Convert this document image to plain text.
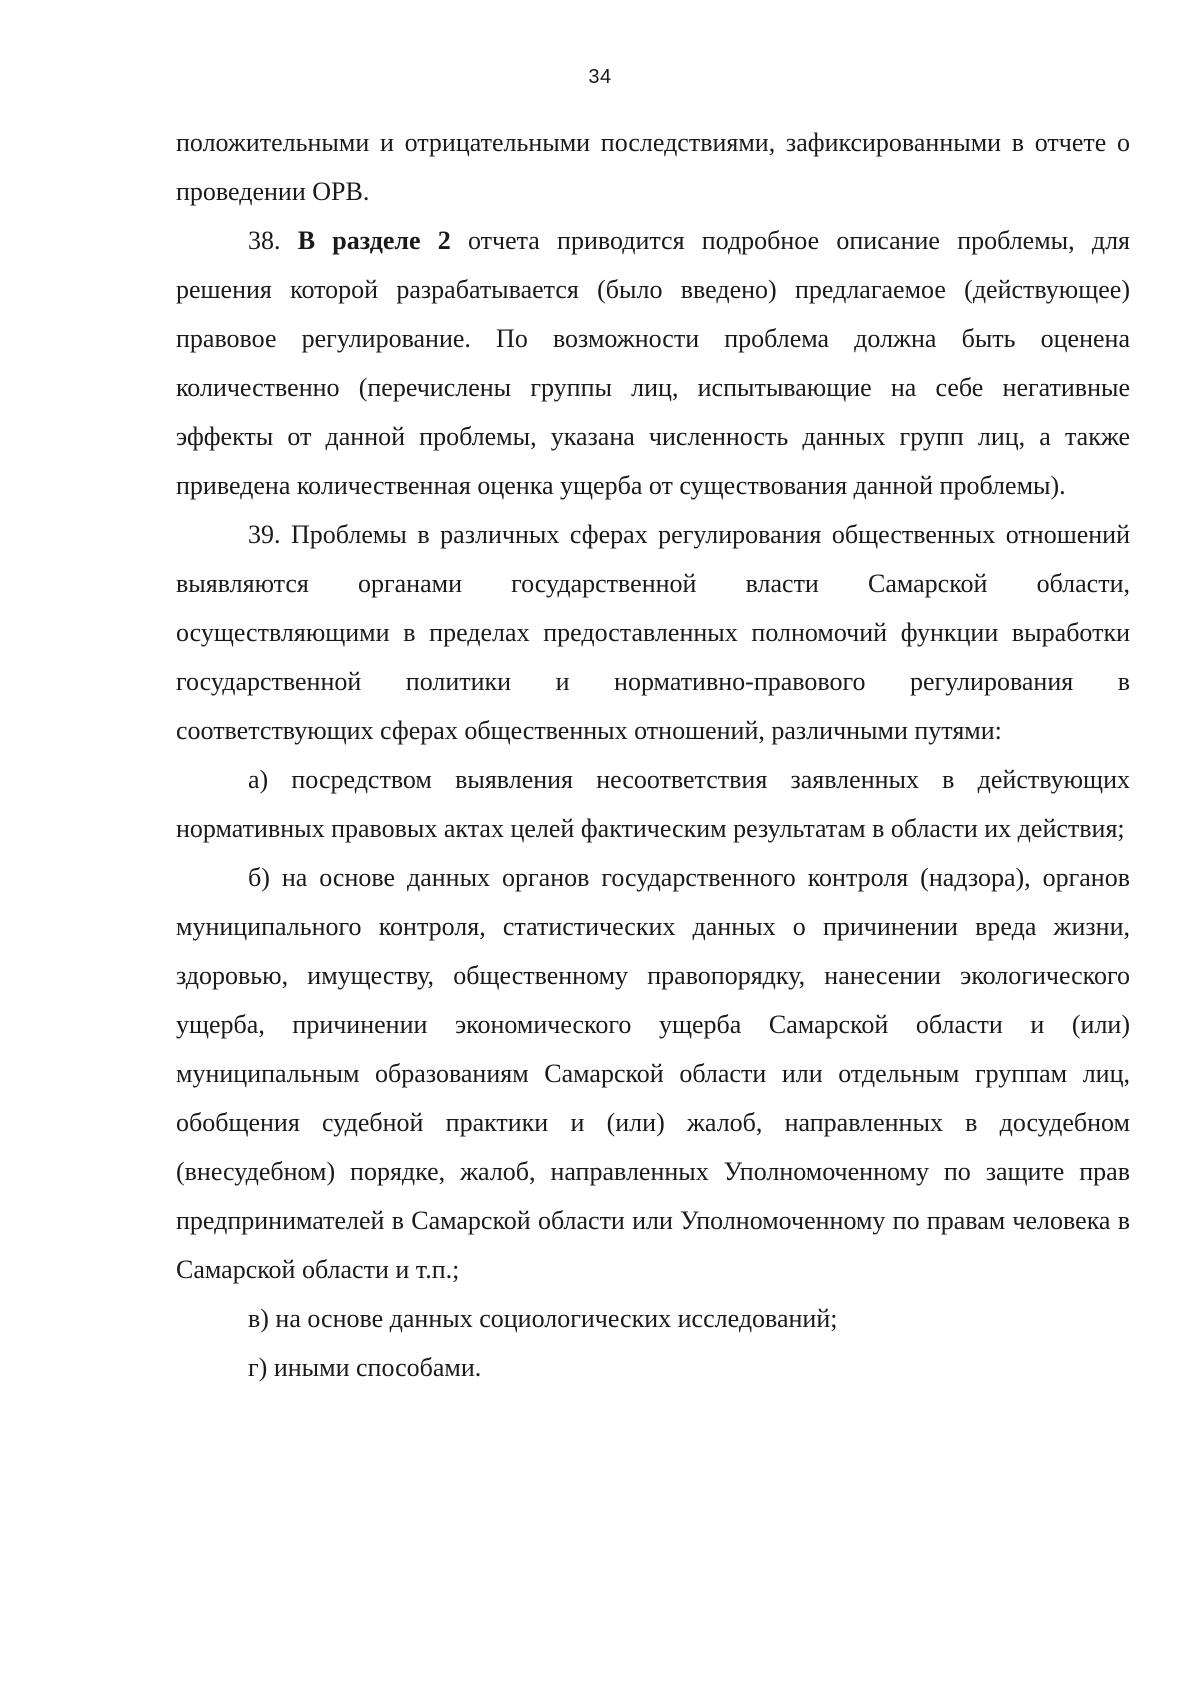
34

положительными и отрицательными последствиями, зафиксированными в отчете о проведении ОРВ.

38. В разделе 2 отчета приводится подробное описание проблемы, для решения которой разрабатывается (было введено) предлагаемое (действующее) правовое регулирование. По возможности проблема должна быть оценена количественно (перечислены группы лиц, испытывающие на себе негативные эффекты от данной проблемы, указана численность данных групп лиц, а также приведена количественная оценка ущерба от существования данной проблемы).

39. Проблемы в различных сферах регулирования общественных отношений выявляются органами государственной власти Самарской области, осуществляющими в пределах предоставленных полномочий функции выработки государственной политики и нормативно-правового регулирования в соответствующих сферах общественных отношений, различными путями:

а) посредством выявления несоответствия заявленных в действующих нормативных правовых актах целей фактическим результатам в области их действия;

б) на основе данных органов государственного контроля (надзора), органов муниципального контроля, статистических данных о причинении вреда жизни, здоровью, имуществу, общественному правопорядку, нанесении экологического ущерба, причинении экономического ущерба Самарской области и (или) муниципальным образованиям Самарской области или отдельным группам лиц, обобщения судебной практики и (или) жалоб, направленных в досудебном (внесудебном) порядке, жалоб, направленных Уполномоченному по защите прав предпринимателей в Самарской области или Уполномоченному по правам человека в Самарской области и т.п.;

в) на основе данных социологических исследований;

г) иными способами.
